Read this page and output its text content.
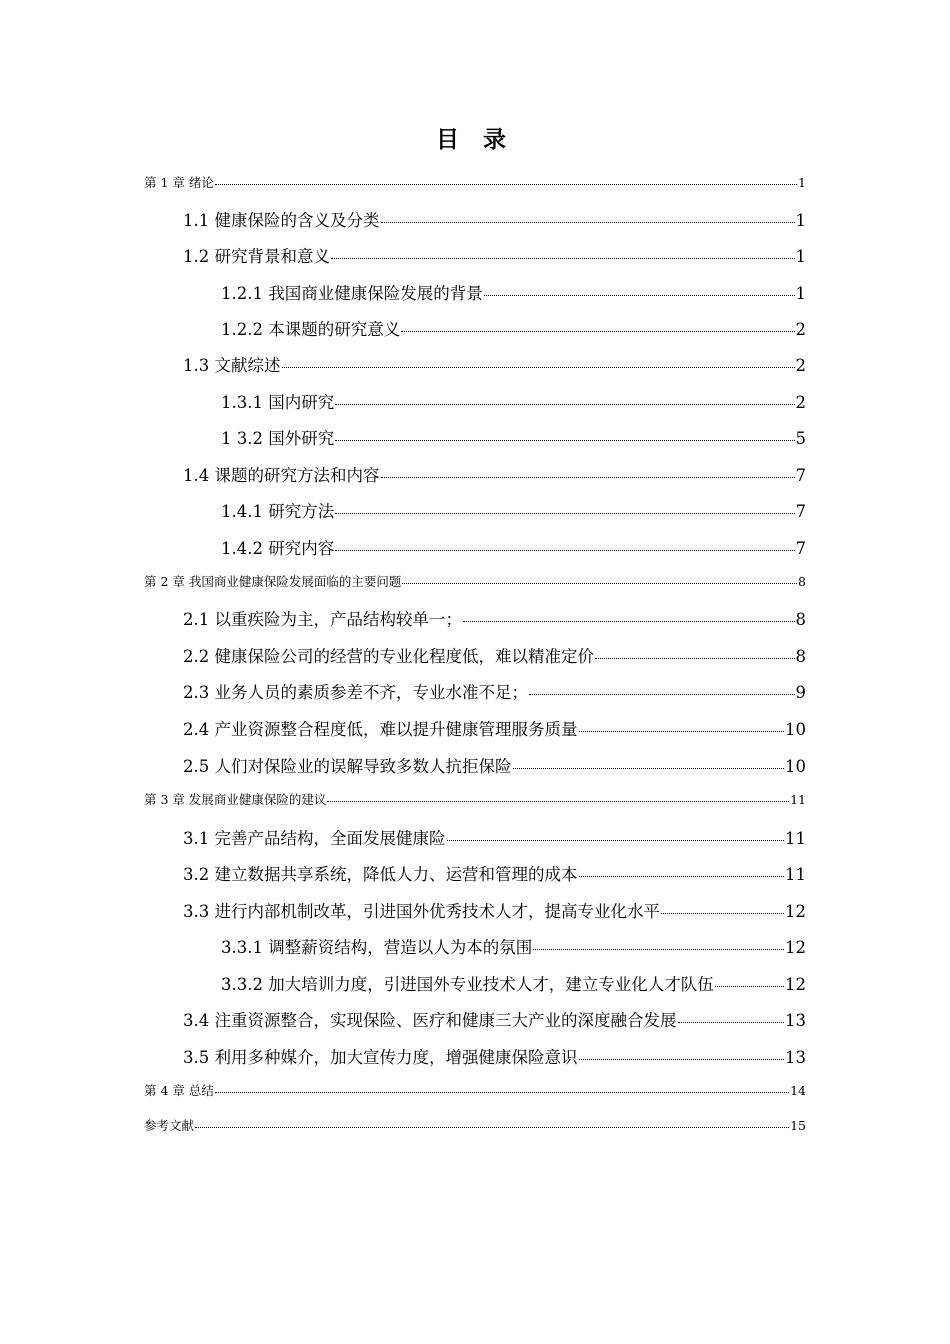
目 录
第 1 章 绪论	1
1.1 健康保险的含义及分类	1
1.2 研究背景和意义	1
1.2.1 我国商业健康保险发展的背景	1
1.2.2 本课题的研究意义	2
1.3 文献综述	2
1.3.1 国内研究	2
1 3.2 国外研究	5
1.4 课题的研究方法和内容	7
1.4.1 研究方法	7
1.4.2 研究内容	7
第 2 章 我国商业健康保险发展面临的主要问题	8
2.1 以重疾险为主，产品结构较单一；	8
2.2 健康保险公司的经营的专业化程度低，难以精准定价	8
2.3 业务人员的素质参差不齐，专业水准不足；	9
2.4 产业资源整合程度低，难以提升健康管理服务质量	10
2.5 人们对保险业的误解导致多数人抗拒保险	10
第 3 章 发展商业健康保险的建议	11
3.1 完善产品结构，全面发展健康险	11
3.2 建立数据共享系统，降低人力、运营和管理的成本	11
3.3 进行内部机制改革，引进国外优秀技术人才，提高专业化水平	12
3.3.1 调整薪资结构，营造以人为本的氛围	12
3.3.2 加大培训力度，引进国外专业技术人才，建立专业化人才队伍	12
3.4 注重资源整合，实现保险、医疗和健康三大产业的深度融合发展	13
3.5 利用多种媒介，加大宣传力度，增强健康保险意识	13
第 4 章 总结	14
参考文献	15
